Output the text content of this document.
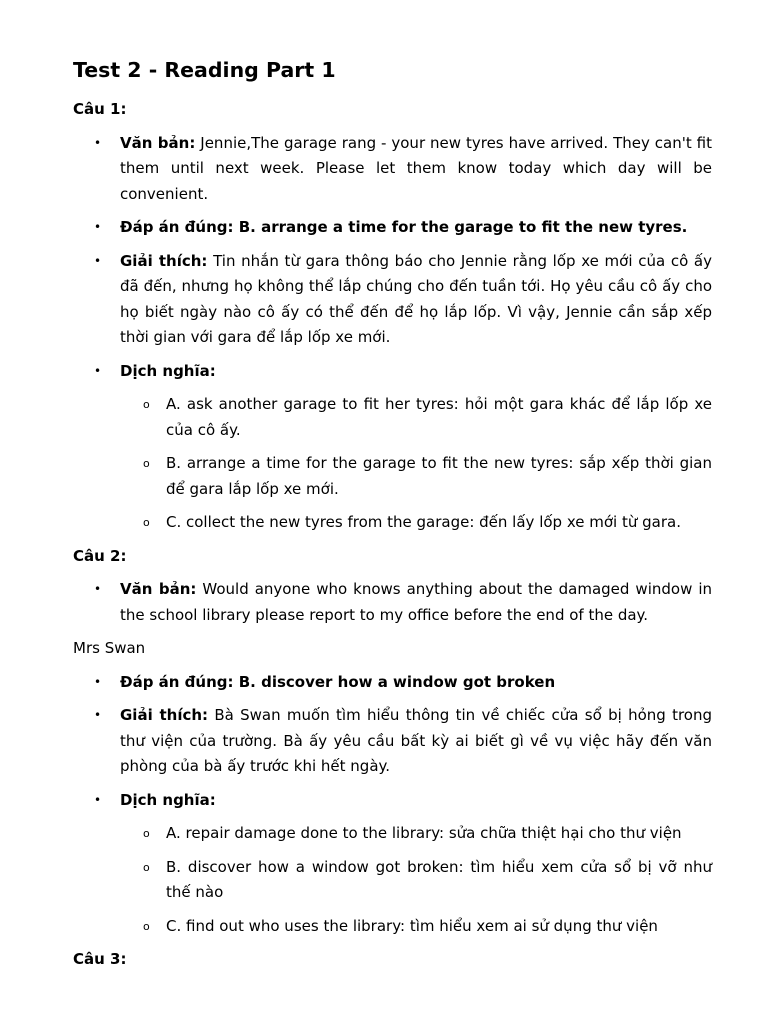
Test 2 - Reading Part 1

Câu 1:

• Văn bản: Jennie,The garage rang - your new tyres have arrived. They can't fit them until next week. Please let them know today which day will be convenient.
• Đáp án đúng: B. arrange a time for the garage to fit the new tyres.
• Giải thích: Tin nhắn từ gara thông báo cho Jennie rằng lốp xe mới của cô ấy đã đến, nhưng họ không thể lắp chúng cho đến tuần tới. Họ yêu cầu cô ấy cho họ biết ngày nào cô ấy có thể đến để họ lắp lốp. Vì vậy, Jennie cần sắp xếp thời gian với gara để lắp lốp xe mới.
• Dịch nghĩa:
o A. ask another garage to fit her tyres: hỏi một gara khác để lắp lốp xe của cô ấy.
o B. arrange a time for the garage to fit the new tyres: sắp xếp thời gian để gara lắp lốp xe mới.
o C. collect the new tyres from the garage: đến lấy lốp xe mới từ gara.

Câu 2:

• Văn bản: Would anyone who knows anything about the damaged window in the school library please report to my office before the end of the day.

Mrs Swan

• Đáp án đúng: B. discover how a window got broken
• Giải thích: Bà Swan muốn tìm hiểu thông tin về chiếc cửa sổ bị hỏng trong thư viện của trường. Bà ấy yêu cầu bất kỳ ai biết gì về vụ việc hãy đến văn phòng của bà ấy trước khi hết ngày.
• Dịch nghĩa:
o A. repair damage done to the library: sửa chữa thiệt hại cho thư viện
o B. discover how a window got broken: tìm hiểu xem cửa sổ bị vỡ như thế nào
o C. find out who uses the library: tìm hiểu xem ai sử dụng thư viện

Câu 3:
